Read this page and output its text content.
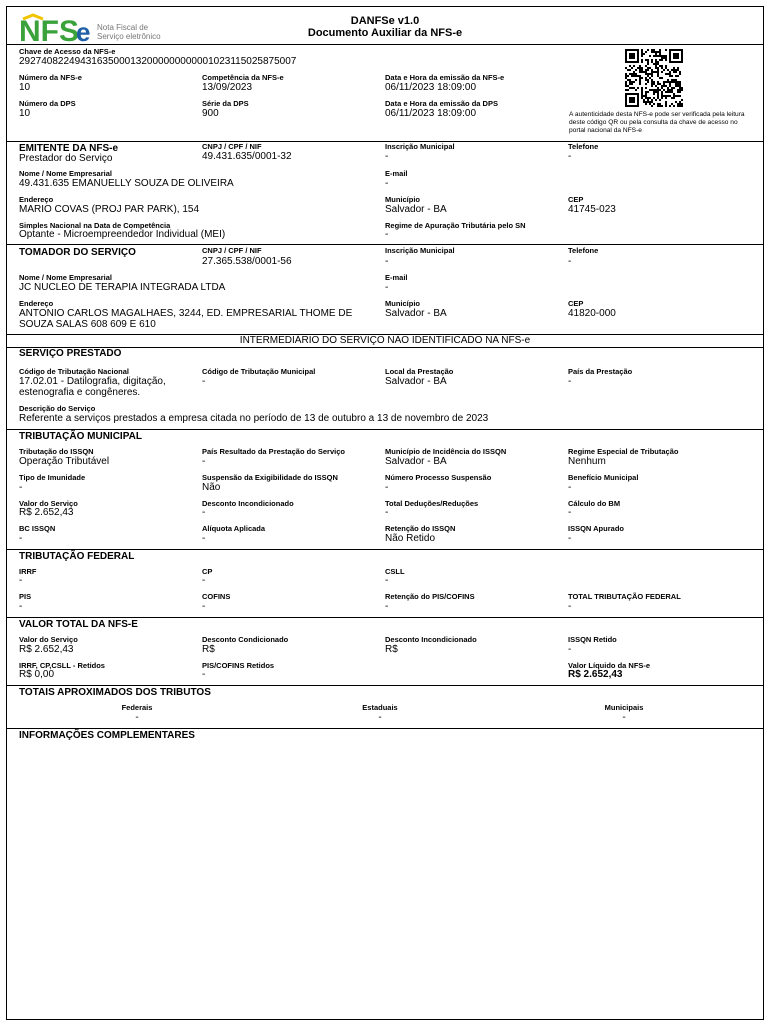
NFS
e Nota Fiscal de
Serviço eletrônico
DANFSe v1.0
Documento Auxiliar da NFS-e
Chave de Acesso da NFS-e
29274082249431635000132000000000001023115025875007
Número da NFS-e
10
Competência da NFS-e
13/09/2023
Data e Hora da emissão da NFS-e
06/11/2023 18:09:00
Número da DPS
10
Série da DPS
900
Data e Hora da emissão da DPS
06/11/2023 18:09:00	A autenticidade desta NFS-e pode ser verificada pela leitura deste código QR ou pela consulta da chave de acesso no portal nacional da NFS-e
EMITENTE DA NFS-e
Prestador do Serviço
CNPJ / CPF / NIF
49.431.635/0001-32
Inscrição Municipal
-
Telefone
-
Nome / Nome Empresarial
49.431.635 EMANUELLY SOUZA DE OLIVEIRA
E-mail
-
Endereço
MARIO COVAS (PROJ PAR PARK), 154
Município
Salvador - BA
CEP
41745-023
Simples Nacional na Data de Competência
Optante - Microempreendedor Individual (MEI)
Regime de Apuração Tributária pelo SN
-
TOMADOR DO SERVIÇO	CNPJ / CPF / NIF
27.365.538/0001-56
Inscrição Municipal
-
Telefone
-
Nome / Nome Empresarial
JC NUCLEO DE TERAPIA INTEGRADA LTDA
E-mail
-
Endereço
ANTONIO CARLOS MAGALHAES, 3244, ED. EMPRESARIAL THOME DE SOUZA SALAS 608 609 E 610
Município
Salvador - BA
CEP
41820-000
INTERMEDIÁRIO DO SERVIÇO NÃO IDENTIFICADO NA NFS-e
SERVIÇO PRESTADO
Código de Tributação Nacional
17.02.01 - Datilografia, digitação, estenografia e congêneres.
Código de Tributação Municipal
-
Local da Prestação
Salvador - BA
País da Prestação
-
Descrição do Serviço
Referente a serviços prestados a empresa citada no período de 13 de outubro a 13 de novembro de 2023
TRIBUTAÇÃO MUNICIPAL
Tributação do ISSQN
Operação Tributável
País Resultado da Prestação do Serviço
-
Município de Incidência do ISSQN
Salvador - BA
Regime Especial de Tributação
Nenhum
Tipo de Imunidade
-
Suspensão da Exigibilidade do ISSQN
Não
Número Processo Suspensão
-
Benefício Municipal
-
Valor do Serviço
R$ 2.652,43
Desconto Incondicionado
-
Total Deduções/Reduções
-
Cálculo do BM
-
BC ISSQN
-
Alíquota Aplicada
-
Retenção do ISSQN
Não Retido
ISSQN Apurado
-
TRIBUTAÇÃO FEDERAL
IRRF
-
CP
-
CSLL
-
PIS
-
COFINS
-
Retenção do PIS/COFINS
-
TOTAL TRIBUTAÇÃO FEDERAL
-
VALOR TOTAL DA NFS-E
Valor do Serviço
R$ 2.652,43
Desconto Condicionado
R$
Desconto Incondicionado
R$
ISSQN Retido
-
IRRF, CP,CSLL - Retidos
R$ 0,00
PIS/COFINS Retidos
-
Valor Líquido da NFS-e
R$ 2.652,43
TOTAIS APROXIMADOS DOS TRIBUTOS
Federais
-
Estaduais
-
Municipais
-
INFORMAÇÕES COMPLEMENTARES
